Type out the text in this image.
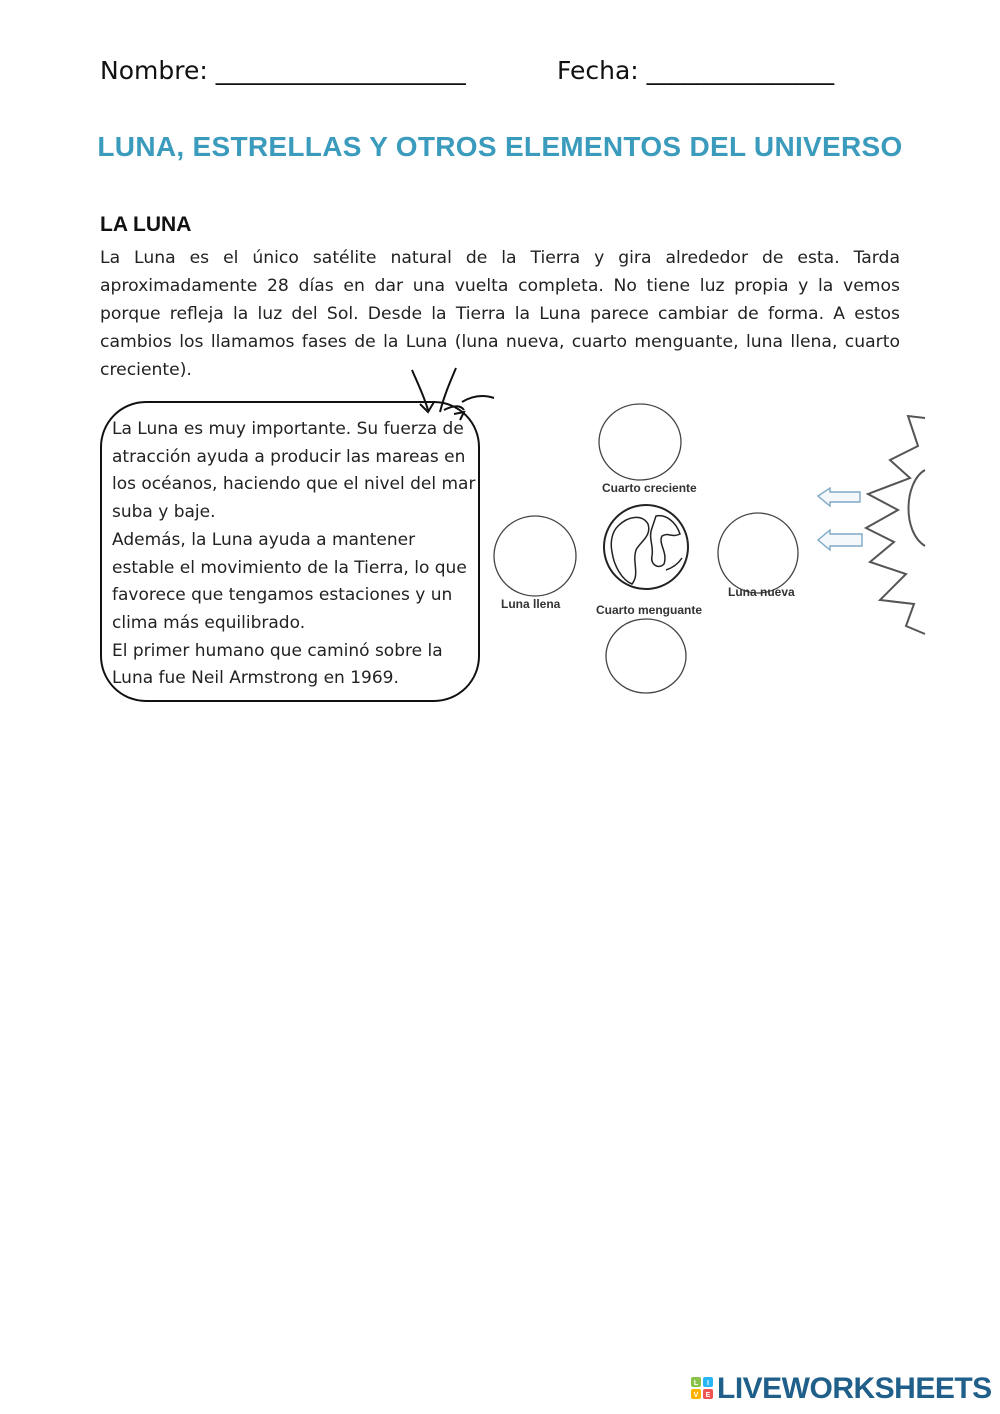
Nombre: ____________________	Fecha: _______________
LUNA, ESTRELLAS Y OTROS ELEMENTOS DEL UNIVERSO
LA LUNA

La Luna es el único satélite natural de la Tierra y gira alrededor de esta. Tarda aproximadamente 28 días en dar una vuelta completa. No tiene luz propia y la vemos porque refleja la luz del Sol. Desde la Tierra la Luna parece cambiar de forma. A estos cambios los llamamos fases de la Luna (luna nueva, cuarto menguante, luna llena, cuarto creciente).

La Luna es muy importante. Su fuerza de atracción ayuda a producir las mareas en los océanos, haciendo que el nivel del mar suba y baje.

Además, la Luna ayuda a mantener estable el movimiento de la Tierra, lo que favorece que tengamos estaciones y un clima más equilibrado.

El primer humano que caminó sobre la Luna fue Neil Armstrong en 1969.

Cuarto creciente
Luna llena
Luna nueva
Cuarto menguante
L I
V E LIVEWORKSHEETS
